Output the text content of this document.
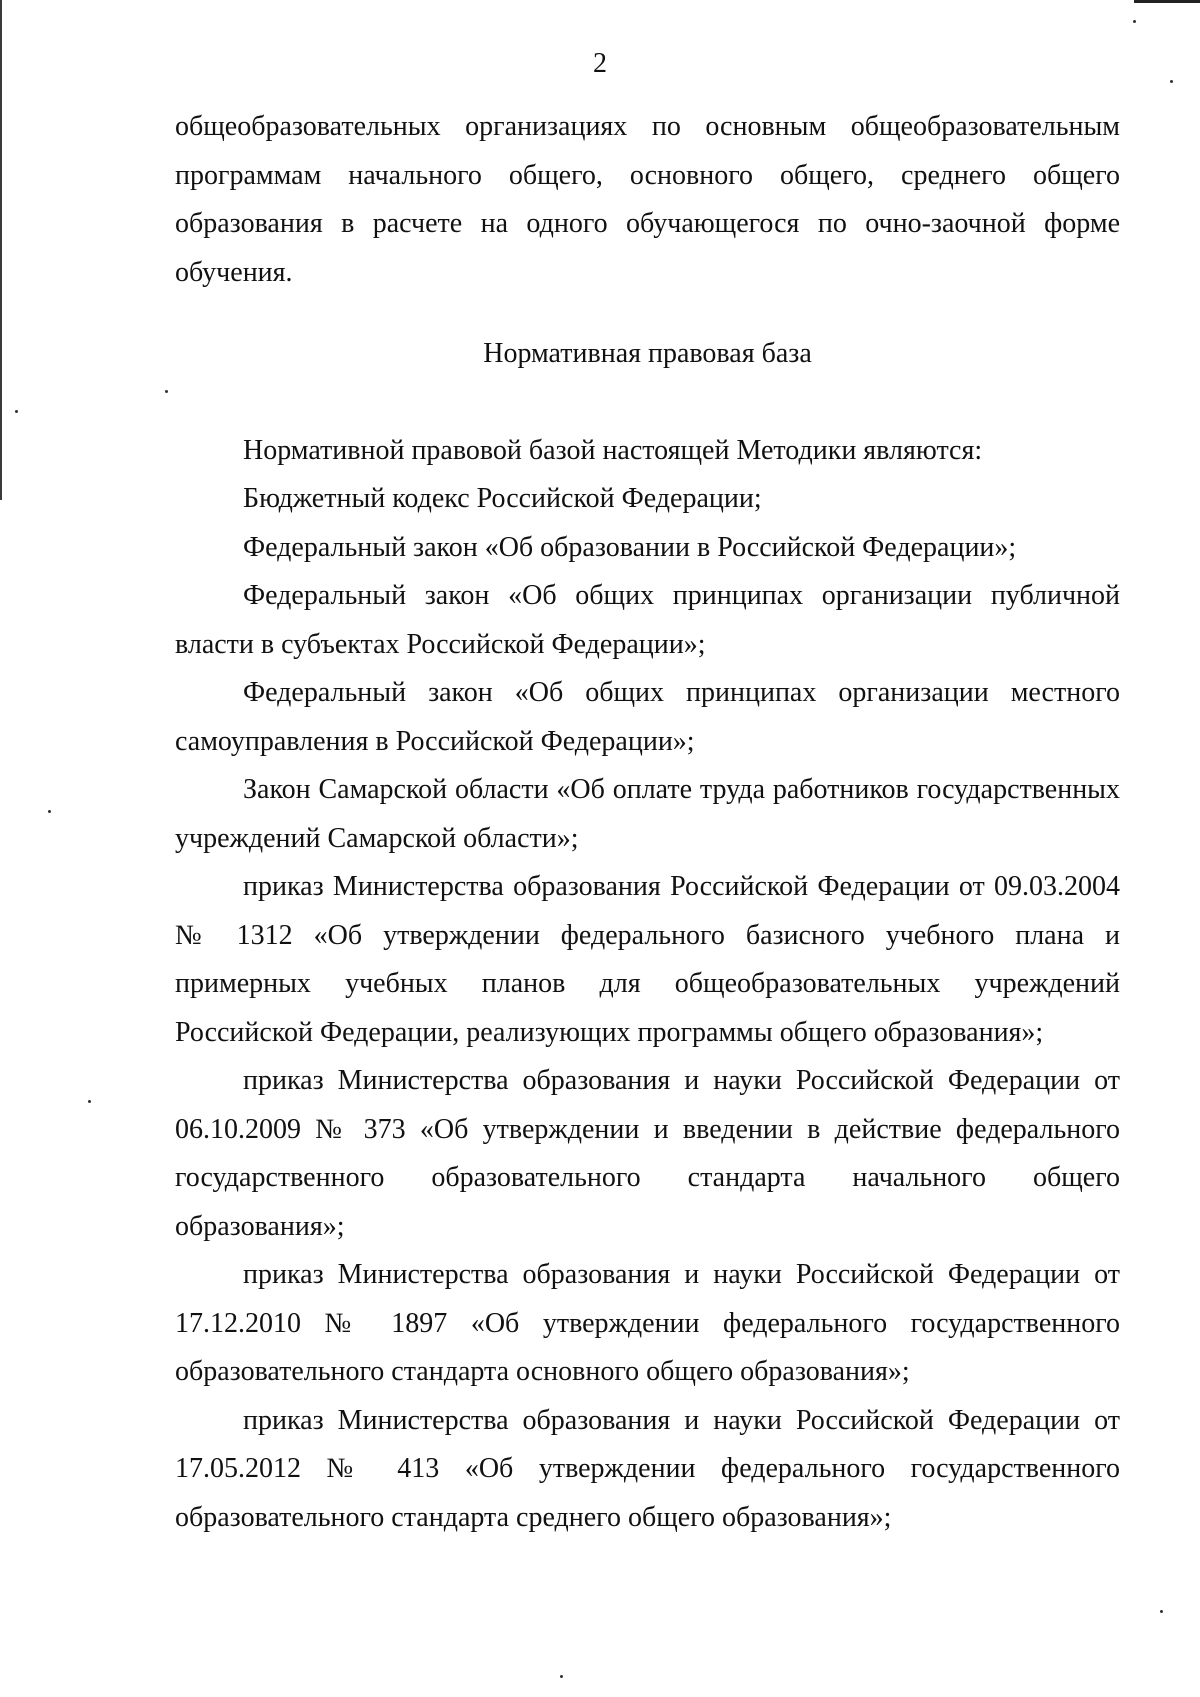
2

общеобразовательных организациях по основным общеобразовательным программам начального общего, основного общего, среднего общего образования в расчете на одного обучающегося по очно-заочной форме обучения.

Нормативная правовая база

Нормативной правовой базой настоящей Методики являются:

Бюджетный кодекс Российской Федерации;

Федеральный закон «Об образовании в Российской Федерации»;

Федеральный закон «Об общих принципах организации публичной власти в субъектах Российской Федерации»;

Федеральный закон «Об общих принципах организации местного самоуправления в Российской Федерации»;

Закон Самарской области «Об оплате труда работников государственных учреждений Самарской области»;

приказ Министерства образования Российской Федерации от 09.03.2004 № 1312 «Об утверждении федерального базисного учебного плана и примерных учебных планов для общеобразовательных учреждений Российской Федерации, реализующих программы общего образования»;

приказ Министерства образования и науки Российской Федерации от 06.10.2009 № 373 «Об утверждении и введении в действие федерального государственного образовательного стандарта начального общего образования»;

приказ Министерства образования и науки Российской Федерации от 17.12.2010 № 1897 «Об утверждении федерального государственного образовательного стандарта основного общего образования»;

приказ Министерства образования и науки Российской Федерации от 17.05.2012 № 413 «Об утверждении федерального государственного образовательного стандарта среднего общего образования»;
